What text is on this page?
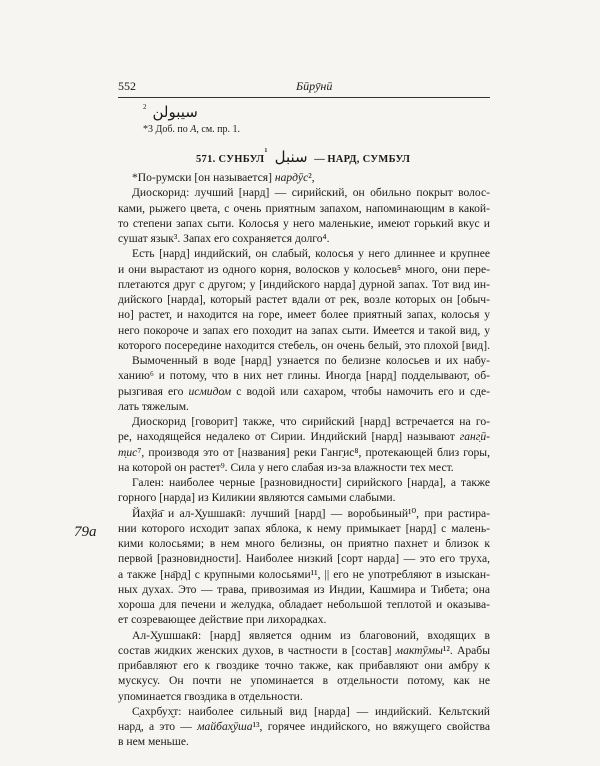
552	Бӣрӯнӣ
$^2$ سيبولن
*3 Доб. по A, см. пр. 1.
571. СУНБУЛ$^1$ سنبل — НАРД, СУМБУЛ
79a
*По-румски [он называется] нардӯс²,
Диоскорид: лучший [нард] — сирийский, он обильно покрыт волос-
ками, рыжего цвета, с очень приятным запахом, напоминающим в какой-
то степени запах сыти. Колосья у него маленькие, имеют горький вкус и
сушат язык³. Запах его сохраняется долго⁴.
Есть [нард] индийский, он слабый, колосья у него длиннее и крупнее
и они вырастают из одного корня, волосков у колосьев⁵ много, они пере-
плетаются друг с другом; у [индийского нарда] дурной запах. Тот вид ин-
дийского [нарда], который растет вдали от рек, возле которых он [обыч-
но] растет, и находится на горе, имеет более приятный запах, колосья у
него покороче и запах его походит на запах сыти. Имеется и такой вид, у
которого посередине находится стебель, он очень белый, это плохой [вид].
Вымоченный в воде [нард] узнается по белизне колосьев и их набу-
ханию⁶ и потому, что в них нет глины. Иногда [нард] подделывают, об-
рызгивая его исмидом с водой или сахаром, чтобы намочить его и сде-
лать тяжелым.
Диоскорид [говорит] также, что сирийский [нард] встречается на го-
ре, находящейся недалеко от Сирии. Индийский [нард] называют ганг̣ӣ-
т̣ис⁷, производя это от [названия] реки Ганг̣ис⁸, протекающей близ горы,
на которой он растет⁹. Сила у него слабая из-за влажности тех мест.
Гален: наиболее черные [разновидности] сирийского [нарда], а также
горного [нарда] из Киликии являются самыми слабыми.
Йах̣йа̄ и ал-Х̮ушшакӣ: лучший [нард] — воробьиный¹⁰, при растира-
нии которого исходит запах яблока, к нему примыкает [нард] с малень-
кими колосьями; в нем много белизны, он приятно пахнет и близок к
первой [разновидности]. Наиболее низкий [сорт нарда] — это его труха,
а также [на̄рд] с крупными колосьями¹¹, || его не употребляют в изыскан-
ных духах. Это — трава, привозимая из Индии, Кашмира и Тибета; она
хороша для печени и желудка, обладает небольшой теплотой и оказыва-
ет созревающее действие при лихорадках.
Ал-Х̮ушшакӣ: [нард] является одним из благовоний, входящих в
состав жидких женских духов, в частности в [состав] мактӯмы¹². Арабы
прибавляют его к гвоздике точно также, как прибавляют они амбру к
мускусу. Он почти не упоминается в отдельности потому, как не
упоминается гвоздика в отдельности.
С̣ахрбух̮т: наиболее сильный вид [нарда] — индийский. Кельтский
нард, а это — майбах̮ӯша¹³, горячее индийского, но вяжущего свойства
в нем меньше.
